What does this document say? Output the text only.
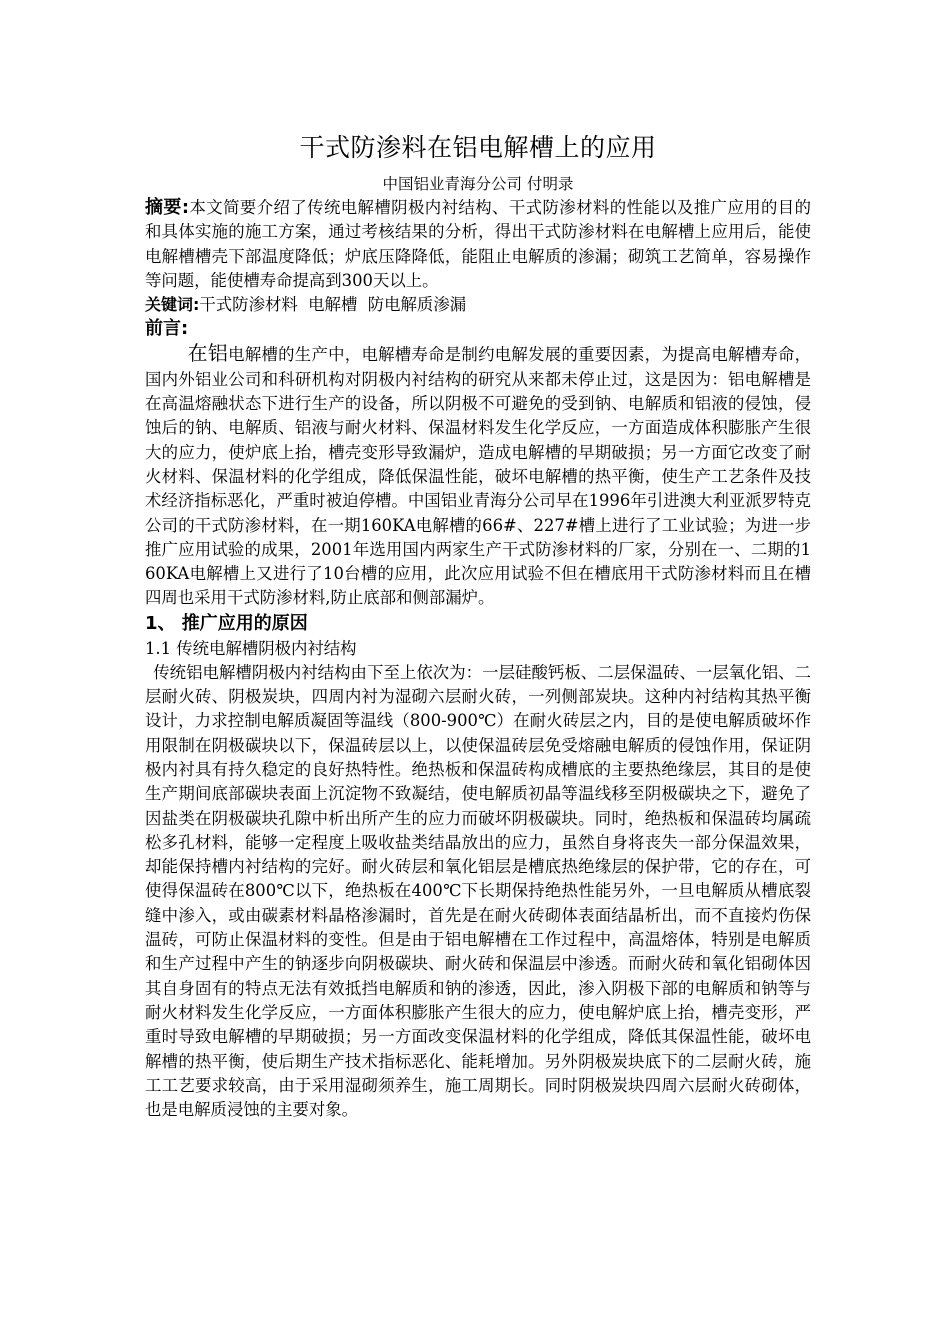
干式防渗料在铝电解槽上的应用
中国铝业青海分公司 付明录

摘要:本文简要介绍了传统电解槽阴极内衬结构、干式防渗材料的性能以及推广应用的目的和具体实施的施工方案，通过考核结果的分析，得出干式防渗材料在电解槽上应用后，能使电解槽槽壳下部温度降低；炉底压降降低，能阻止电解质的渗漏；砌筑工艺简单，容易操作等问题，能使槽寿命提高到300天以上。

关键词:干式防渗材料  电解槽  防电解质渗漏

前言:

在铝电解槽的生产中，电解槽寿命是制约电解发展的重要因素，为提高电解槽寿命，国内外铝业公司和科研机构对阴极内衬结构的研究从来都未停止过，这是因为：铝电解槽是在高温熔融状态下进行生产的设备，所以阴极不可避免的受到钠、电解质和铝液的侵蚀，侵蚀后的钠、电解质、铝液与耐火材料、保温材料发生化学反应，一方面造成体积膨胀产生很大的应力，使炉底上抬，槽壳变形导致漏炉，造成电解槽的早期破损；另一方面它改变了耐火材料、保温材料的化学组成，降低保温性能，破坏电解槽的热平衡，使生产工艺条件及技术经济指标恶化，严重时被迫停槽。中国铝业青海分公司早在1996年引进澳大利亚派罗特克公司的干式防渗材料，在一期160KA电解槽的66#、227#槽上进行了工业试验；为进一步推广应用试验的成果，2001年选用国内两家生产干式防渗材料的厂家，分别在一、二期的160KA电解槽上又进行了10台槽的应用，此次应用试验不但在槽底用干式防渗材料而且在槽四周也采用干式防渗材料,防止底部和侧部漏炉。

1、 推广应用的原因
1.1 传统电解槽阴极内衬结构

传统铝电解槽阴极内衬结构由下至上依次为：一层硅酸钙板、二层保温砖、一层氧化铝、二层耐火砖、阴极炭块，四周内衬为湿砌六层耐火砖，一列侧部炭块。这种内衬结构其热平衡设计，力求控制电解质凝固等温线（800-900℃）在耐火砖层之内，目的是使电解质破坏作用限制在阴极碳块以下，保温砖层以上，以使保温砖层免受熔融电解质的侵蚀作用，保证阴极内衬具有持久稳定的良好热特性。绝热板和保温砖构成槽底的主要热绝缘层，其目的是使生产期间底部碳块表面上沉淀物不致凝结，使电解质初晶等温线移至阴极碳块之下，避免了因盐类在阴极碳块孔隙中析出所产生的应力而破坏阴极碳块。同时，绝热板和保温砖均属疏松多孔材料，能够一定程度上吸收盐类结晶放出的应力，虽然自身将丧失一部分保温效果，却能保持槽内衬结构的完好。耐火砖层和氧化铝层是槽底热绝缘层的保护带，它的存在，可使得保温砖在800℃以下，绝热板在400℃下长期保持绝热性能另外，一旦电解质从槽底裂缝中渗入，或由碳素材料晶格渗漏时，首先是在耐火砖砌体表面结晶析出，而不直接灼伤保温砖，可防止保温材料的变性。但是由于铝电解槽在工作过程中，高温熔体，特别是电解质和生产过程中产生的钠逐步向阴极碳块、耐火砖和保温层中渗透。而耐火砖和氧化铝砌体因其自身固有的特点无法有效抵挡电解质和钠的渗透，因此，渗入阴极下部的电解质和钠等与耐火材料发生化学反应，一方面体积膨胀产生很大的应力，使电解炉底上抬，槽壳变形，严重时导致电解槽的早期破损；另一方面改变保温材料的化学组成，降低其保温性能，破坏电解槽的热平衡，使后期生产技术指标恶化、能耗增加。另外阴极炭块底下的二层耐火砖，施工工艺要求较高，由于采用湿砌须养生，施工周期长。同时阴极炭块四周六层耐火砖砌体，也是电解质浸蚀的主要对象。
